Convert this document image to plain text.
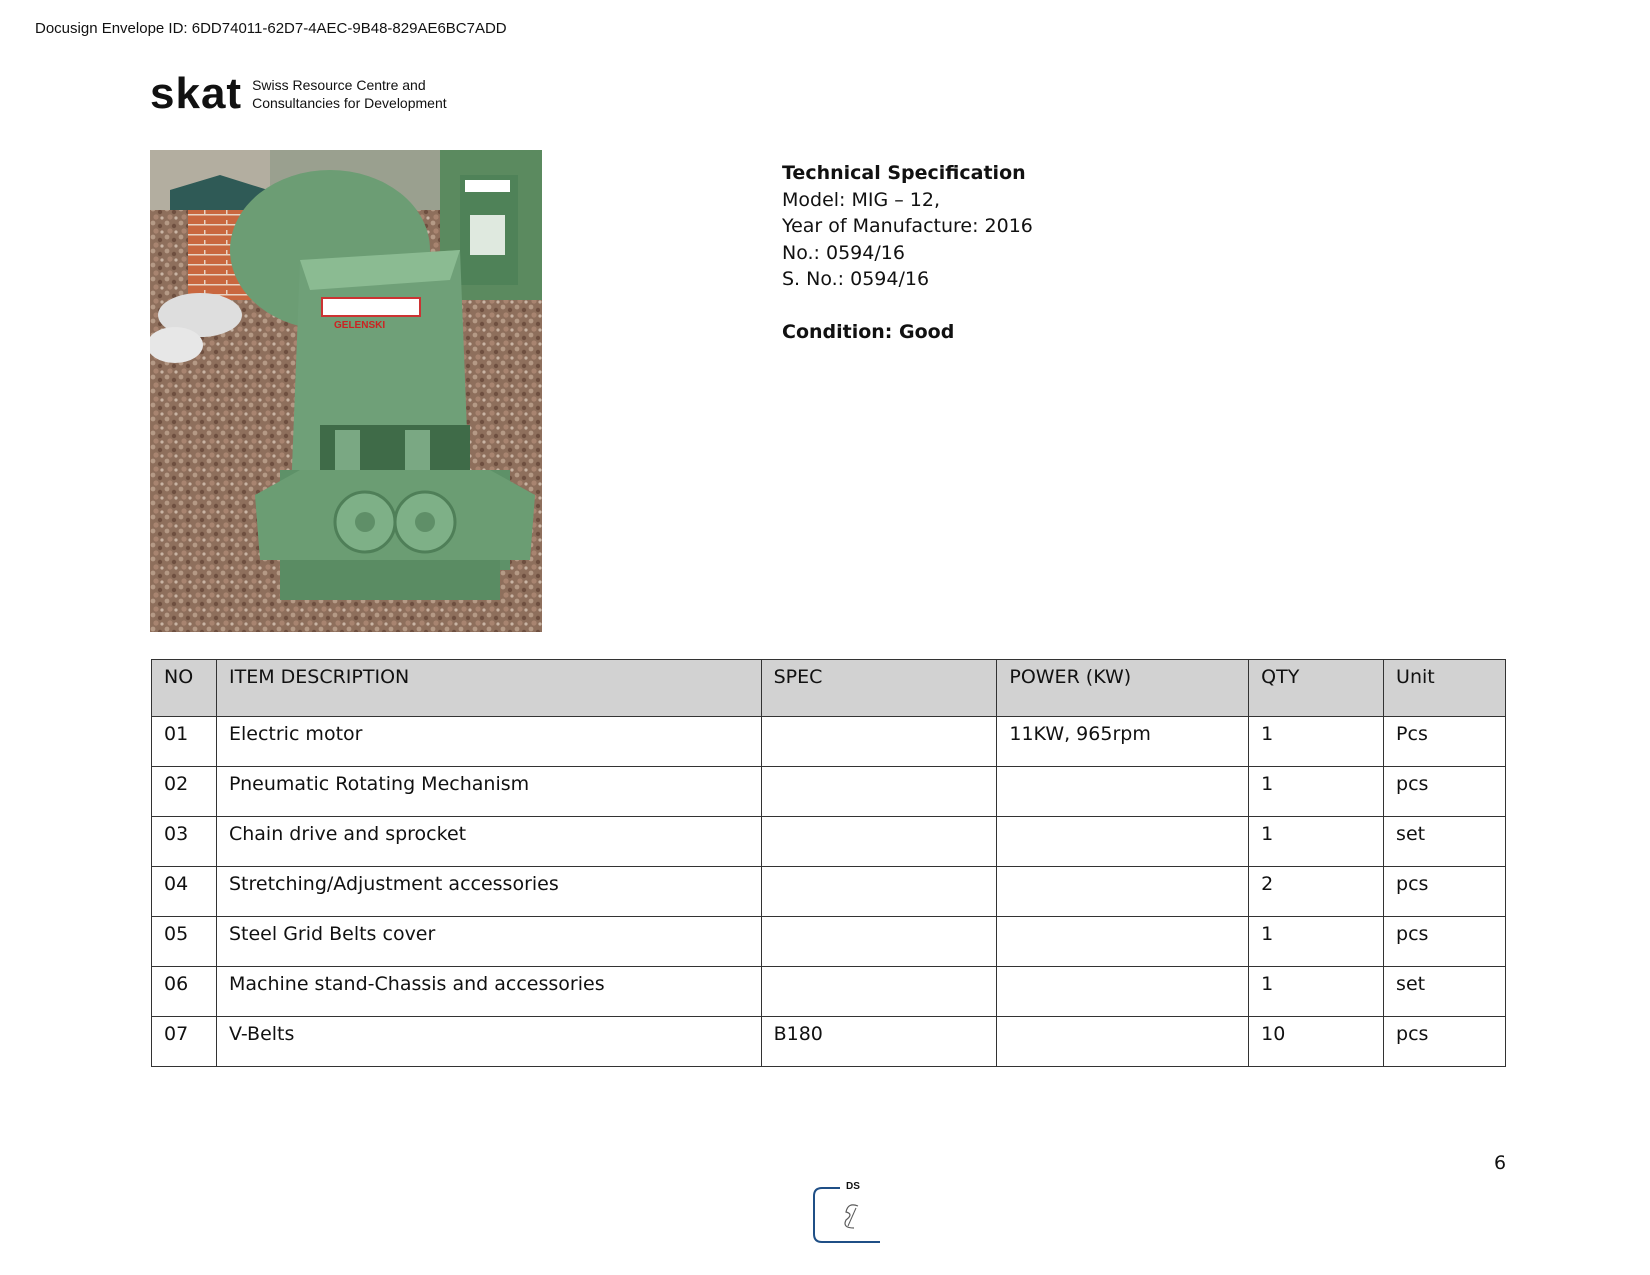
Docusign Envelope ID: 6DD74011-62D7-4AEC-9B48-829AE6BC7ADD
skat Swiss Resource Centre and
Consultancies for Development
GELENSKI
Technical Specification
Model: MIG – 12,
Year of Manufacture: 2016
No.: 0594/16
S. No.: 0594/16
Condition: Good
NO	ITEM DESCRIPTION	SPEC	POWER (KW)	QTY	Unit
01	Electric motor		11KW, 965rpm	1	Pcs
02	Pneumatic Rotating Mechanism			1	pcs
03	Chain drive and sprocket			1	set
04	Stretching/Adjustment accessories			2	pcs
05	Steel Grid Belts cover			1	pcs
06	Machine stand-Chassis and accessories			1	set
07	V-Belts	B180		10	pcs
6
DS
